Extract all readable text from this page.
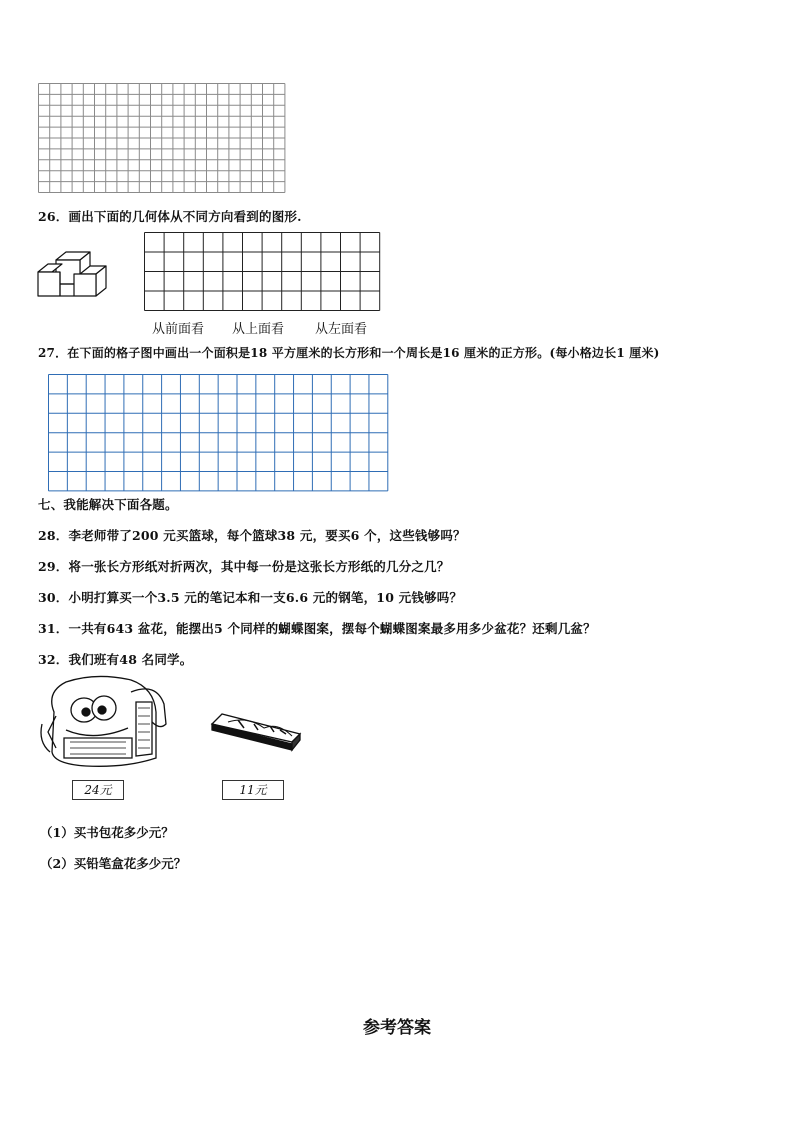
26．画出下面的几何体从不同方向看到的图形.
从前面看 从上面看 从左面看
27．在下面的格子图中画出一个面积是18 平方厘米的长方形和一个周长是16 厘米的正方形。(每小格边长1 厘米)
七、我能解决下面各题。
28．李老师带了200 元买篮球，每个篮球38 元，要买6 个，这些钱够吗？
29．将一张长方形纸对折两次，其中每一份是这张长方形纸的几分之几？
30．小明打算买一个3.5 元的笔记本和一支6.6 元的钢笔，10 元钱够吗？
31．一共有643 盆花，能摆出5 个同样的蝴蝶图案，摆每个蝴蝶图案最多用多少盆花？还剩几盆？
32．我们班有48 名同学。
24元	11元
（1）买书包花多少元？
（2）买铅笔盒花多少元？
参考答案
